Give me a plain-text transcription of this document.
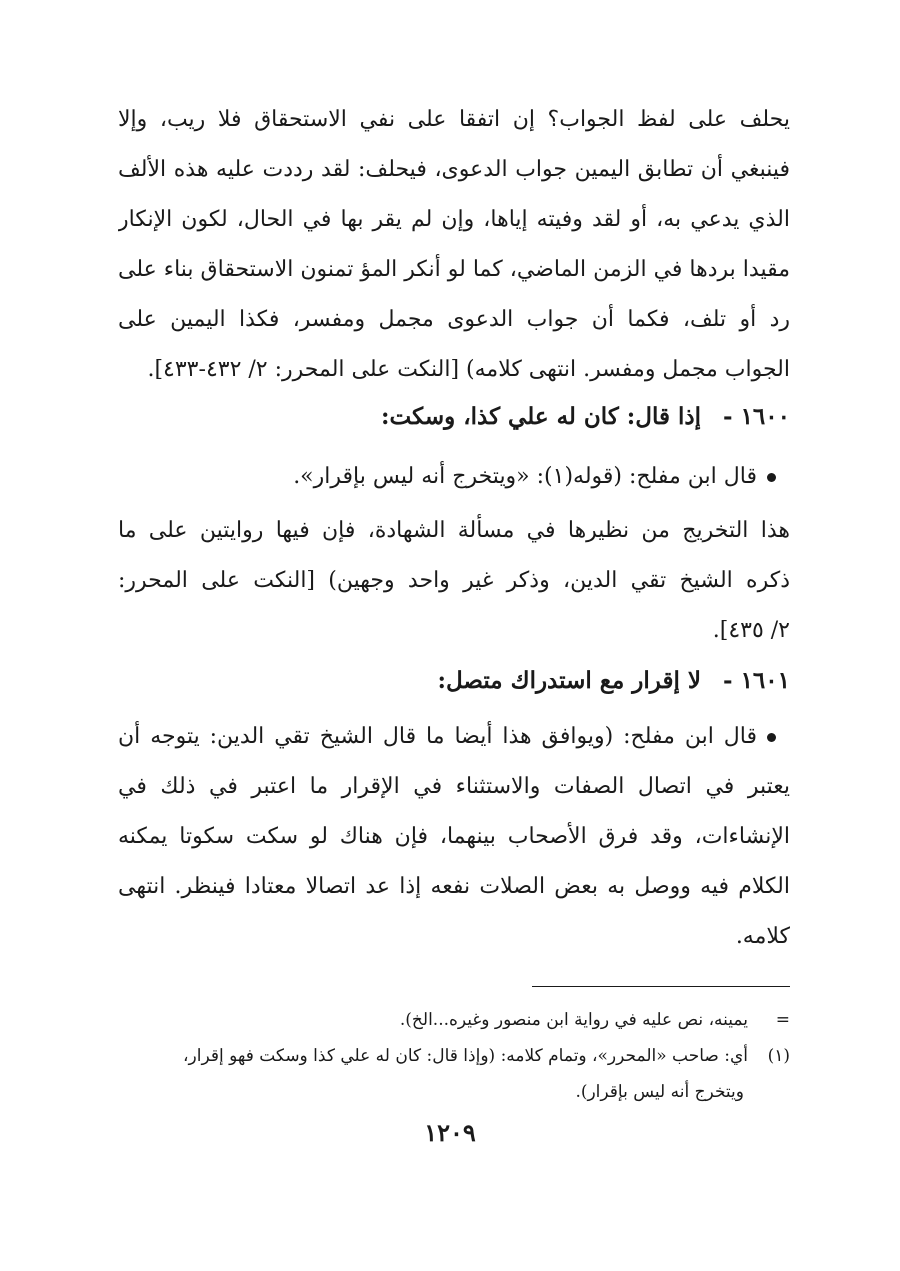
يحلف على لفظ الجواب؟ إن اتفقا على نفي الاستحقاق فلا ريب، وإلا
فينبغي أن تطابق اليمين جواب الدعوى، فيحلف: لقد رددت عليه هذه الألف
الذي يدعي به، أو لقد وفيته إياها، وإن لم يقر بها في الحال، لكون الإنكار
مقيدا بردها في الزمن الماضي، كما لو أنكر المؤ تمنون الاستحقاق بناء على
رد أو تلف، فكما أن جواب الدعوى مجمل ومفسر، فكذا اليمين على
الجواب مجمل ومفسر. انتهى كلامه) [النكت على المحرر: ٢/ ٤٣٢-٤٣٣].
١٦٠٠ -إذا قال: كان له علي كذا، وسكت:
قال ابن مفلح: (قوله(١): «ويتخرج أنه ليس بإقرار».
هذا التخريج من نظيرها في مسألة الشهادة، فإن فيها روايتين على ما
ذكره الشيخ تقي الدين، وذكر غير واحد وجهين) [النكت على المحرر:
٢/ ٤٣٥].
١٦٠١ -لا إقرار مع استدراك متصل:
قال ابن مفلح: (ويوافق هذا أيضا ما قال الشيخ تقي الدين: يتوجه أن
يعتبر في اتصال الصفات والاستثناء في الإقرار ما اعتبر في ذلك في
الإنشاءات، وقد فرق الأصحاب بينهما، فإن هناك لو سكت سكوتا يمكنه
الكلام فيه ووصل به بعض الصلات نفعه إذا عد اتصالا معتادا فينظر. انتهى
كلامه.
=يمينه، نص عليه في رواية ابن منصور وغيره...الخ).
(١)أي: صاحب «المحرر»، وتمام كلامه: (وإذا قال: كان له علي كذا وسكت فهو إقرار،
ويتخرج أنه ليس بإقرار).
١٢٠٩
